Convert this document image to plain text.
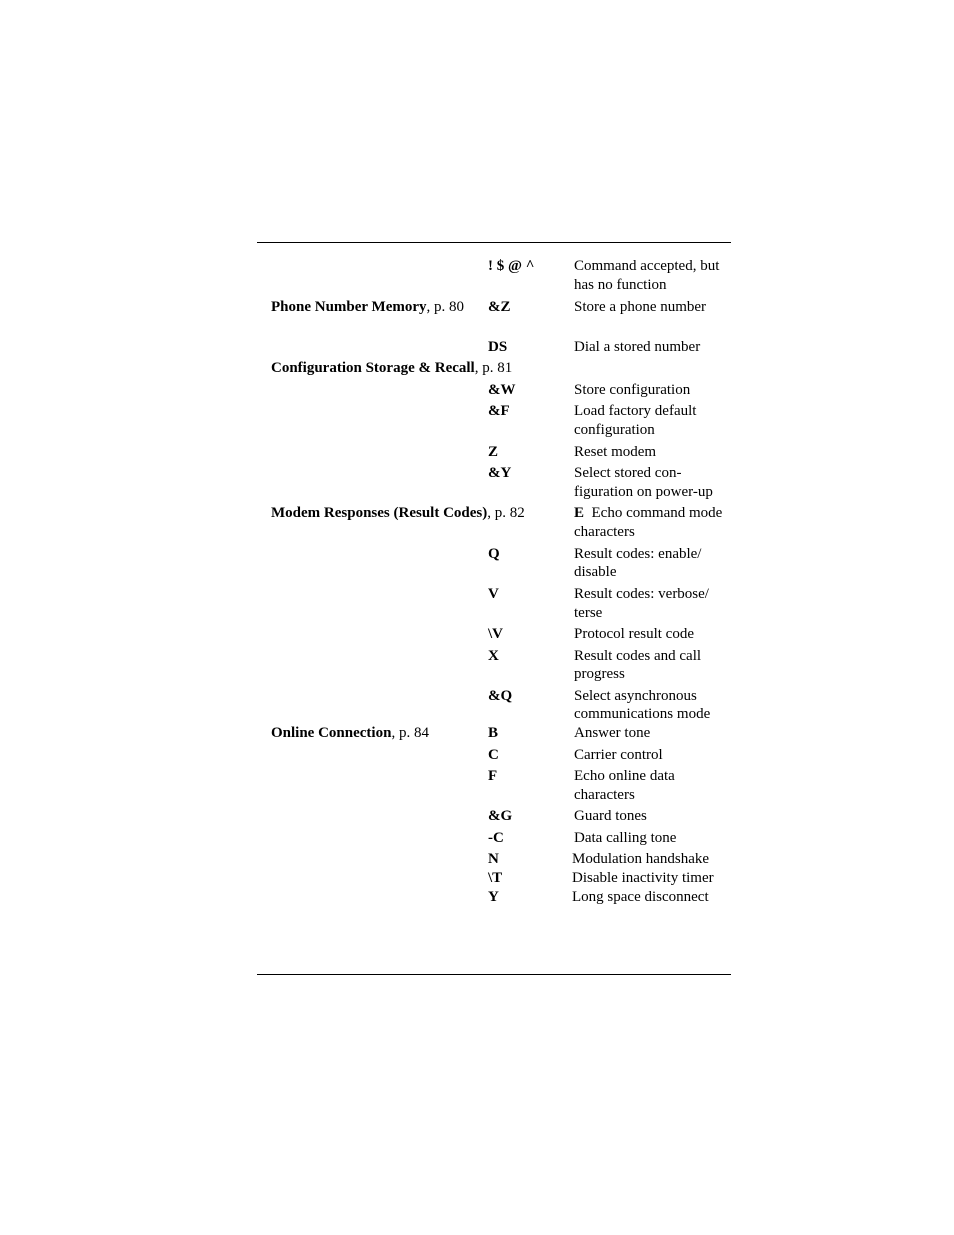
! $ @ ^	Command accepted, but
has no function
Phone Number Memory, p. 80 &Z	Store a phone number
DS	Dial a stored number
Configuration Storage & Recall, p. 81
&W	Store configuration
&F	Load factory default
configuration
Z	Reset modem
&Y	Select stored con-
figuration on power-up
Modem Responses (Result Codes), p. 82	E Echo command mode
characters
Q	Result codes: enable/
disable
V	Result codes: verbose/
terse
\V	Protocol result code
X	Result codes and call
progress
&Q	Select asynchronous
communications mode
Online Connection, p. 84	B	Answer tone
C	Carrier control
F	Echo online data
characters
&G	Guard tones
-C	Data calling tone
N	Modulation handshake
\T	Disable inactivity timer
Y	Long space disconnect
